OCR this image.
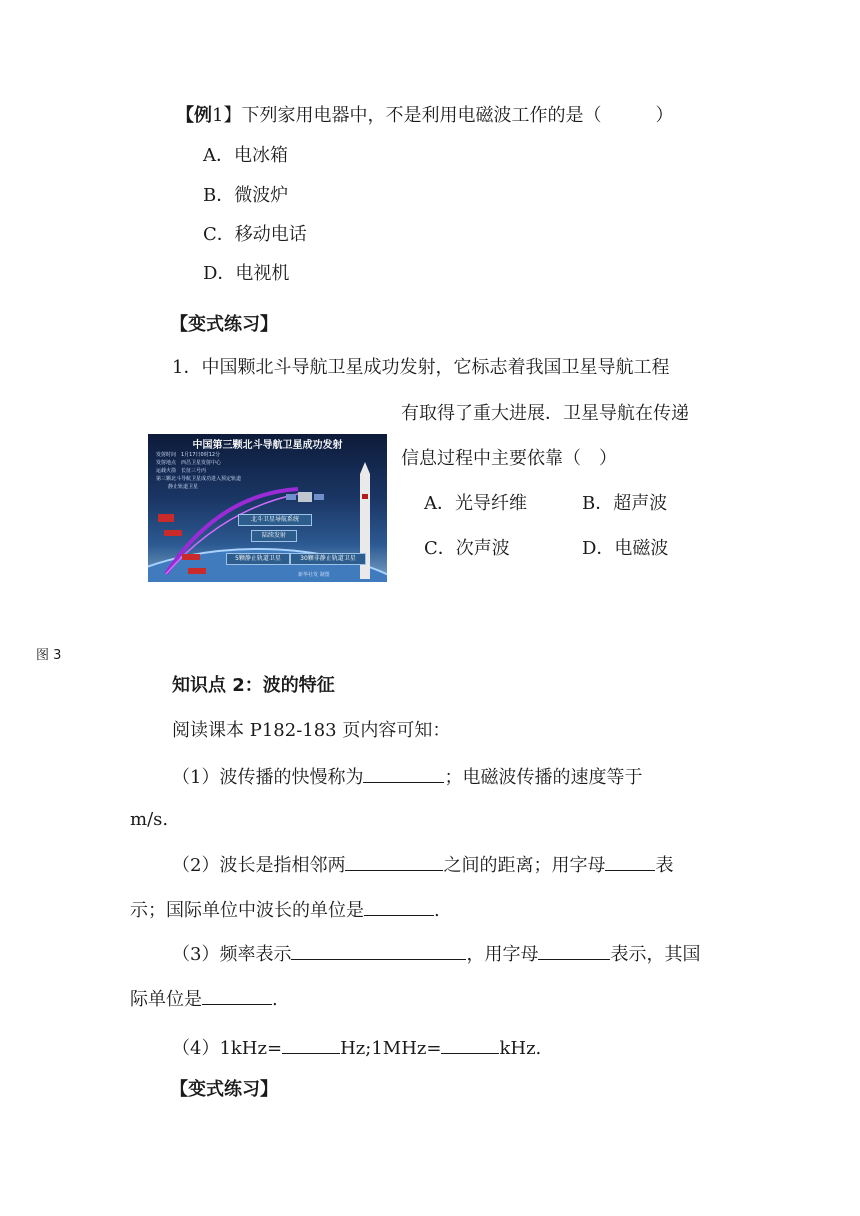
【例1】下列家用电器中，不是利用电磁波工作的是（　　　）
A．电冰箱
B．微波炉
C．移动电话
D．电视机
【变式练习】
1．中国颗北斗导航卫星成功发射，它标志着我国卫星导航工程
有取得了重大进展．卫星导航在传递
信息过程中主要依靠（　）
A．光导纤维	B．超声波
C．次声波	D．电磁波
中国第三颗北斗导航卫星成功发射
发射时间　1月17日0时12分
发射地点　西昌卫星发射中心
运载火箭　长征三号丙
第三颗北斗导航卫星成功进入预定轨道
静止轨道卫星
北斗卫星导航系统
陆续发射
5颗静止轨道卫星	30颗非静止轨道卫星
新华社发 制图
图 3
知识点 2：波的特征
阅读课本 P182-183 页内容可知：
（1）波传播的快慢称为	；电磁波传播的速度等于
m/s.
（2）波长是指相邻两	之间的距离；用字母	表
示；国际单位中波长的单位是	.
（3）频率表示	，用字母	表示，其国
际单位是	.
（4）1kHz=	Hz;1MHz=	kHz.
【变式练习】
